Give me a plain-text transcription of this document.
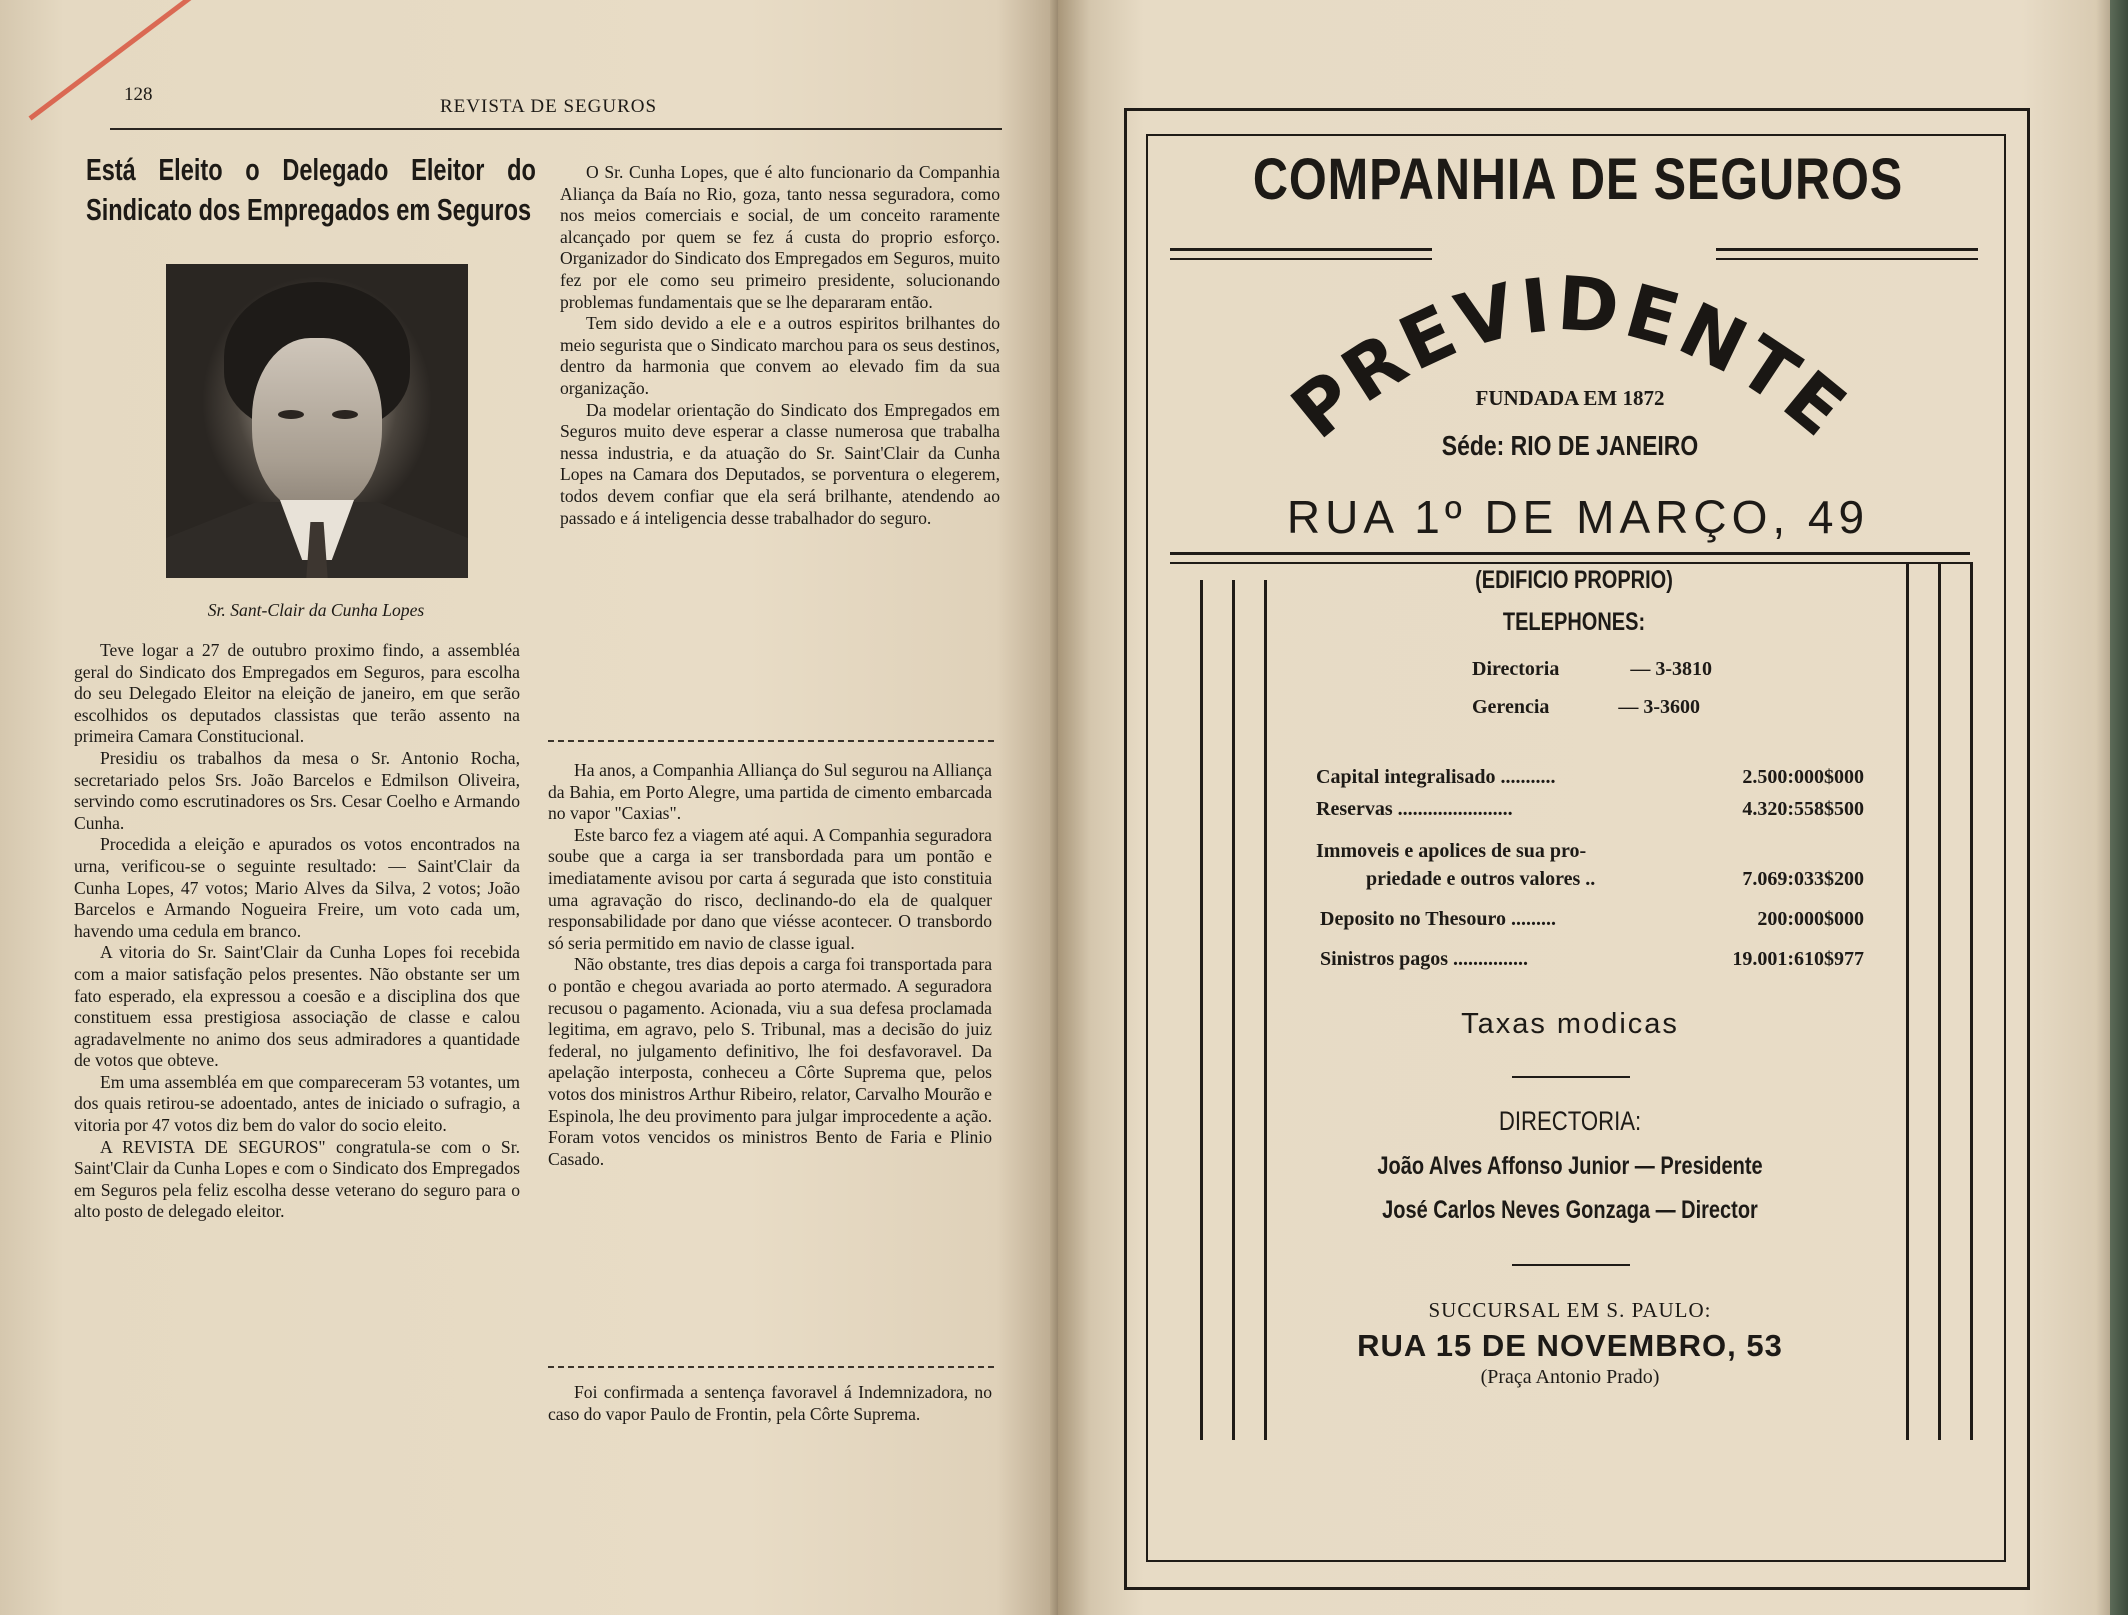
128
REVISTA DE SEGUROS
Está Eleito o Delegado Eleitor do Sindicato dos Empregados em Seguros
Sr. Sant-Clair da Cunha Lopes

Teve logar a 27 de outubro proximo findo, a assembléa geral do Sindicato dos Empregados em Seguros, para escolha do seu Delegado Eleitor na eleição de janeiro, em que serão escolhidos os deputados classistas que terão assento na primeira Camara Constitucional.

Presidiu os trabalhos da mesa o Sr. Antonio Rocha, secretariado pelos Srs. João Barcelos e Edmilson Oliveira, servindo como escrutinadores os Srs. Cesar Coelho e Armando Cunha.

Procedida a eleição e apurados os votos encontrados na urna, verificou-se o seguinte resultado: — Saint'Clair da Cunha Lopes, 47 votos; Mario Alves da Silva, 2 votos; João Barcelos e Armando Nogueira Freire, um voto cada um, havendo uma cedula em branco.

A vitoria do Sr. Saint'Clair da Cunha Lopes foi recebida com a maior satisfação pelos presentes. Não obstante ser um fato esperado, ela expressou a coesão e a disciplina dos que constituem essa prestigiosa associação de classe e calou agradavelmente no animo dos seus admiradores a quantidade de votos que obteve.

Em uma assembléa em que compareceram 53 votantes, um dos quais retirou-se adoentado, antes de iniciado o sufragio, a vitoria por 47 votos diz bem do valor do socio eleito.

A REVISTA DE SEGUROS" congratula-se com o Sr. Saint'Clair da Cunha Lopes e com o Sindicato dos Empregados em Seguros pela feliz escolha desse veterano do seguro para o alto posto de delegado eleitor.

O Sr. Cunha Lopes, que é alto funcionario da Companhia Aliança da Baía no Rio, goza, tanto nessa seguradora, como nos meios comerciais e social, de um conceito raramente alcançado por quem se fez á custa do proprio esforço. Organizador do Sindicato dos Empregados em Seguros, muito fez por ele como seu primeiro presidente, solucionando problemas fundamentais que se lhe depararam então.

Tem sido devido a ele e a outros espiritos brilhantes do meio segurista que o Sindicato marchou para os seus destinos, dentro da harmonia que convem ao elevado fim da sua organização.

Da modelar orientação do Sindicato dos Empregados em Seguros muito deve esperar a classe numerosa que trabalha nessa industria, e da atuação do Sr. Saint'Clair da Cunha Lopes na Camara dos Deputados, se porventura o elegerem, todos devem confiar que ela será brilhante, atendendo ao passado e á inteligencia desse trabalhador do seguro.

Ha anos, a Companhia Alliança do Sul segurou na Alliança da Bahia, em Porto Alegre, uma partida de cimento embarcada no vapor "Caxias".

Este barco fez a viagem até aqui. A Companhia seguradora soube que a carga ia ser transbordada para um pontão e imediatamente avisou por carta á segurada que isto constituia uma agravação do risco, declinando-do ela de qualquer responsabilidade por dano que viésse acontecer. O transbordo só seria permitido em navio de classe igual.

Não obstante, tres dias depois a carga foi transportada para o pontão e chegou avariada ao porto atermado. A seguradora recusou o pagamento. Acionada, viu a sua defesa proclamada legitima, em agravo, pelo S. Tribunal, mas a decisão do juiz federal, no julgamento definitivo, lhe foi desfavoravel. Da apelação interposta, conheceu a Côrte Suprema que, pelos votos dos ministros Arthur Ribeiro, relator, Carvalho Mourão e Espinola, lhe deu provimento para julgar improcedente a ação. Foram votos vencidos os ministros Bento de Faria e Plinio Casado.

Foi confirmada a sentença favoravel á Indemnizadora, no caso do vapor Paulo de Frontin, pela Côrte Suprema.

COMPANHIA DE SEGUROS
PREVIDENTE
FUNDADA EM 1872
Séde: RIO DE JANEIRO
RUA 1º DE MARÇO, 49
(EDIFICIO PROPRIO)
TELEPHONES:
Directoria	— 3-3810
Gerencia	— 3-3600
Capital integralisado ...........	2.500:000$000
Reservas .......................	4.320:558$500
Immoveis e apolices de sua pro-
priedade e outros valores ..	7.069:033$200
Deposito no Thesouro .........	200:000$000
Sinistros pagos ...............	19.001:610$977
Taxas modicas
DIRECTORIA:
João Alves Affonso Junior — Presidente
José Carlos Neves Gonzaga — Director
SUCCURSAL EM S. PAULO:
RUA 15 DE NOVEMBRO, 53
(Praça Antonio Prado)
